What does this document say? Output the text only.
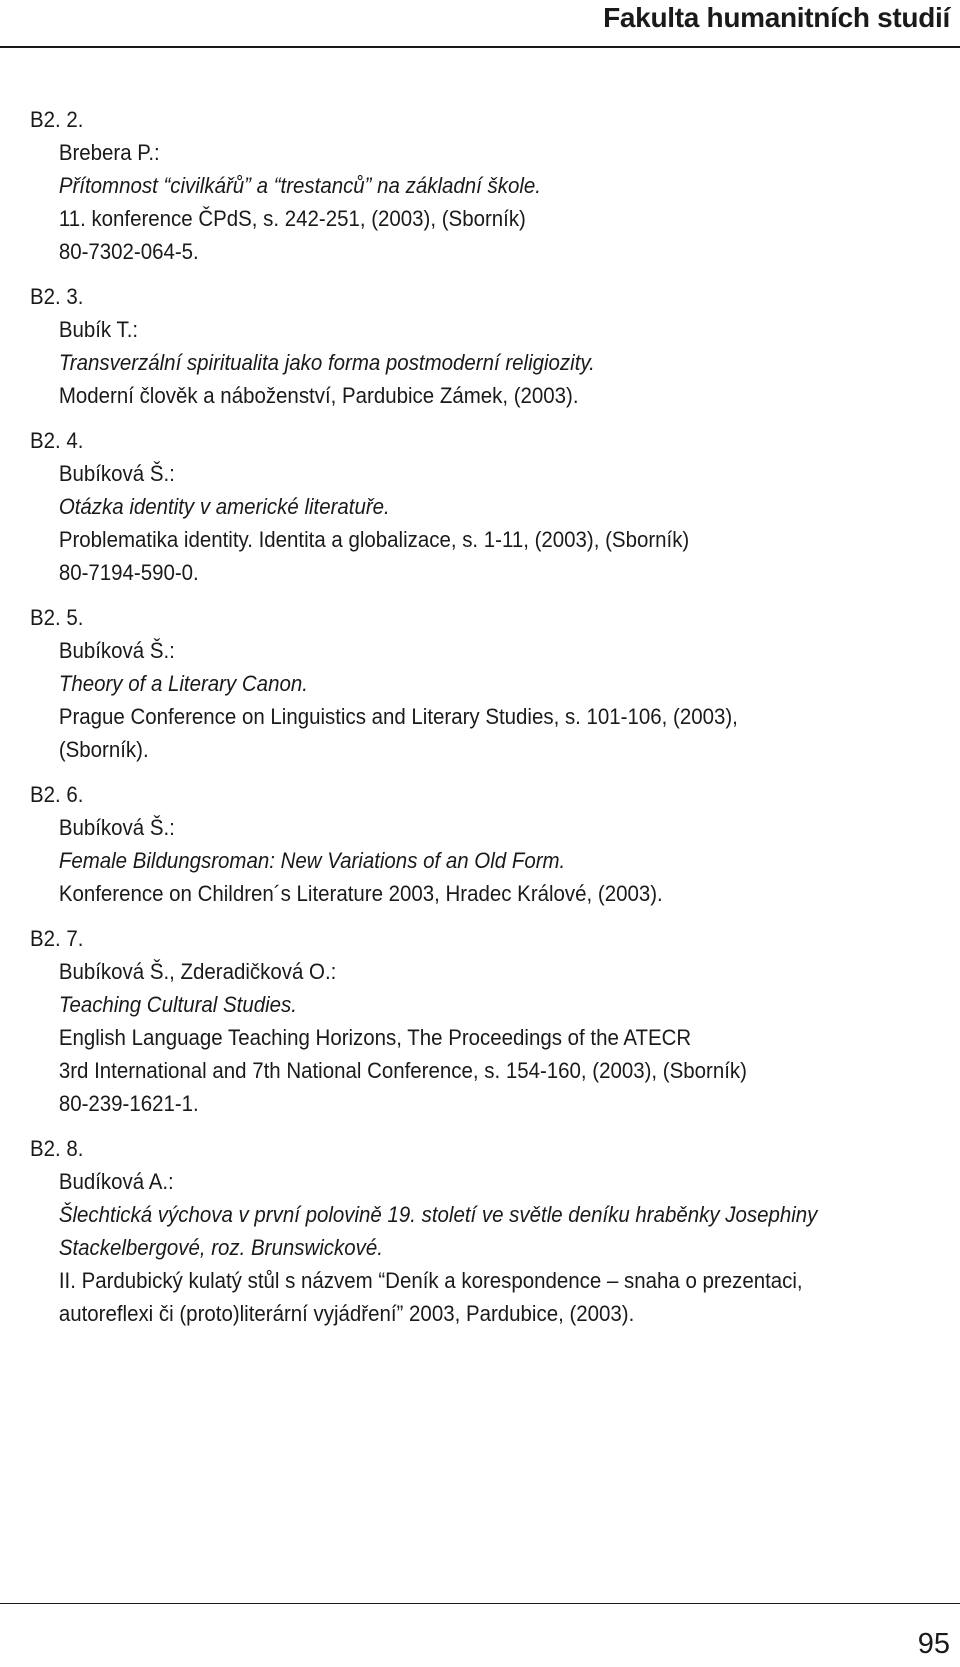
Fakulta humanitních studií
B2. 2.
Brebera P.:
Přítomnost “civilkářů” a “trestanců” na základní škole.
11. konference ČPdS, s. 242-251, (2003), (Sborník)
80-7302-064-5.
B2. 3.
Bubík T.:
Transverzální spiritualita jako forma postmoderní religiozity.
Moderní člověk a náboženství, Pardubice Zámek, (2003).
B2. 4.
Bubíková Š.:
Otázka identity v americké literatuře.
Problematika identity. Identita a globalizace, s. 1-11, (2003), (Sborník)
80-7194-590-0.
B2. 5.
Bubíková Š.:
Theory of a Literary Canon.
Prague Conference on Linguistics and Literary Studies, s. 101-106, (2003),
(Sborník).
B2. 6.
Bubíková Š.:
Female Bildungsroman: New Variations of an Old Form.
Konference on Children´s Literature 2003, Hradec Králové, (2003).
B2. 7.
Bubíková Š., Zderadičková O.:
Teaching Cultural Studies.
English Language Teaching Horizons, The Proceedings of the ATECR
3rd International and 7th National Conference, s. 154-160, (2003), (Sborník)
80-239-1621-1.
B2. 8.
Budíková A.:
Šlechtická výchova v první polovině 19. století ve světle deníku hraběnky Josephiny
Stackelbergové, roz. Brunswickové.
II. Pardubický kulatý stůl s názvem “Deník a korespondence – snaha o prezentaci,
autoreflexi či (proto)literární vyjádření” 2003, Pardubice, (2003).
95
